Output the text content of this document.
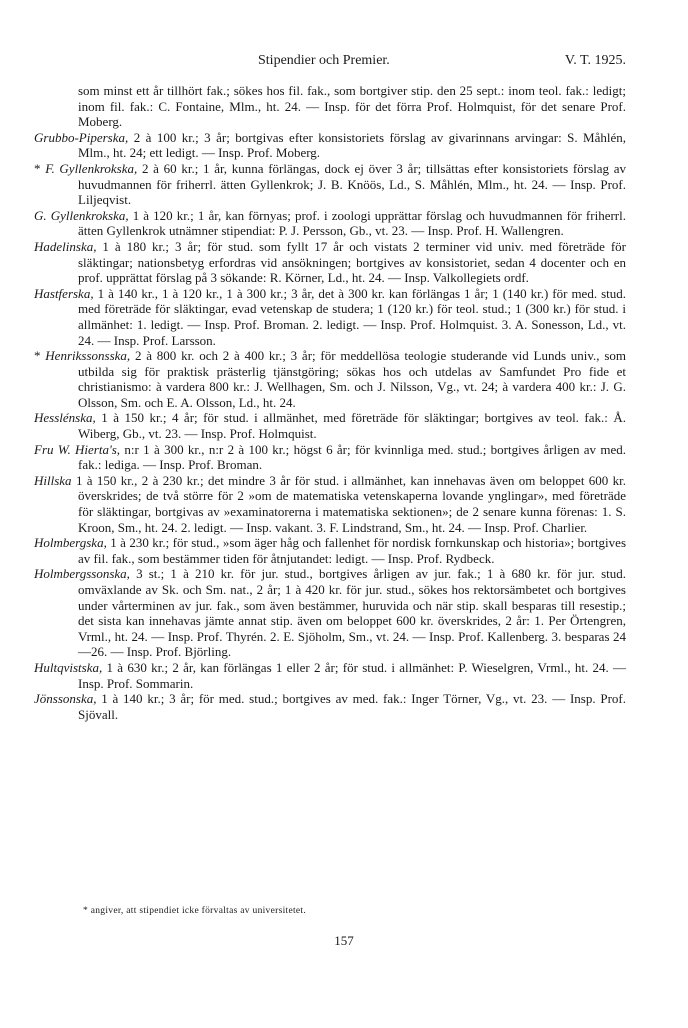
Stipendier och Premier.	V. T. 1925.

som minst ett år tillhört fak.; sökes hos fil. fak., som bortgiver stip. den 25 sept.: inom teol. fak.: ledigt; inom fil. fak.: C. Fontaine, Mlm., ht. 24. — Insp. för det förra Prof. Holmquist, för det senare Prof. Moberg.

Grubbo-Piperska, 2 à 100 kr.; 3 år; bortgivas efter konsistoriets förslag av givarinnans arvingar: S. Måhlén, Mlm., ht. 24; ett ledigt. — Insp. Prof. Moberg.

* F. Gyllenkrokska, 2 à 60 kr.; 1 år, kunna förlängas, dock ej över 3 år; tillsättas efter konsistoriets förslag av huvudmannen för friherrl. ätten Gyllenkrok; J. B. Knöös, Ld., S. Måhlén, Mlm., ht. 24. — Insp. Prof. Liljeqvist.

G. Gyllenkrokska, 1 à 120 kr.; 1 år, kan förnyas; prof. i zoologi upprättar förslag och huvudmannen för friherrl. ätten Gyllenkrok utnämner stipendiat: P. J. Persson, Gb., vt. 23. — Insp. Prof. H. Wallengren.

Hadelinska, 1 à 180 kr.; 3 år; för stud. som fyllt 17 år och vistats 2 terminer vid univ. med företräde för släktingar; nationsbetyg erfordras vid ansökningen; bortgives av konsistoriet, sedan 4 docenter och en prof. upprättat förslag på 3 sökande: R. Körner, Ld., ht. 24. — Insp. Valkollegiets ordf.

Hastferska, 1 à 140 kr., 1 à 120 kr., 1 à 300 kr.; 3 år, det à 300 kr. kan förlängas 1 år; 1 (140 kr.) för med. stud. med företräde för släktingar, evad vetenskap de studera; 1 (120 kr.) för teol. stud.; 1 (300 kr.) för stud. i allmänhet: 1. ledigt. — Insp. Prof. Broman. 2. ledigt. — Insp. Prof. Holmquist. 3. A. Sonesson, Ld., vt. 24. — Insp. Prof. Larsson.

* Henrikssonsska, 2 à 800 kr. och 2 à 400 kr.; 3 år; för meddellösa teologie studerande vid Lunds univ., som utbilda sig för praktisk prästerlig tjänstgöring; sökas hos och utdelas av Samfundet Pro fide et christianismo: à vardera 800 kr.: J. Wellhagen, Sm. och J. Nilsson, Vg., vt. 24; à vardera 400 kr.: J. G. Olsson, Sm. och E. A. Olsson, Ld., ht. 24.

Hesslénska, 1 à 150 kr.; 4 år; för stud. i allmänhet, med företräde för släktingar; bortgives av teol. fak.: Å. Wiberg, Gb., vt. 23. — Insp. Prof. Holmquist.

Fru W. Hierta's, n:r 1 à 300 kr., n:r 2 à 100 kr.; högst 6 år; för kvinnliga med. stud.; bortgives årligen av med. fak.: lediga. — Insp. Prof. Broman.

Hillska 1 à 150 kr., 2 à 230 kr.; det mindre 3 år för stud. i allmänhet, kan innehavas även om beloppet 600 kr. överskrides; de två större för 2 »om de matematiska vetenskaperna lovande ynglingar», med företräde för släktingar, bortgivas av »examinatorerna i matematiska sektionen»; de 2 senare kunna förenas: 1. S. Kroon, Sm., ht. 24. 2. ledigt. — Insp. vakant. 3. F. Lindstrand, Sm., ht. 24. — Insp. Prof. Charlier.

Holmbergska, 1 à 230 kr.; för stud., »som äger håg och fallenhet för nordisk fornkunskap och historia»; bortgives av fil. fak., som bestämmer tiden för åtnjutandet: ledigt. — Insp. Prof. Rydbeck.

Holmbergssonska, 3 st.; 1 à 210 kr. för jur. stud., bortgives årligen av jur. fak.; 1 à 680 kr. för jur. stud. omväxlande av Sk. och Sm. nat., 2 år; 1 à 420 kr. för jur. stud., sökes hos rektorsämbetet och bortgives under vårterminen av jur. fak., som även bestämmer, huruvida och när stip. skall besparas till resestip.; det sista kan innehavas jämte annat stip. även om beloppet 600 kr. överskrides, 2 år: 1. Per Örtengren, Vrml., ht. 24. — Insp. Prof. Thyrén. 2. E. Sjöholm, Sm., vt. 24. — Insp. Prof. Kallenberg. 3. besparas 24—26. — Insp. Prof. Björling.

Hultqvistska, 1 à 630 kr.; 2 år, kan förlängas 1 eller 2 år; för stud. i allmänhet: P. Wieselgren, Vrml., ht. 24. — Insp. Prof. Sommarin.

Jönssonska, 1 à 140 kr.; 3 år; för med. stud.; bortgives av med. fak.: Inger Törner, Vg., vt. 23. — Insp. Prof. Sjövall.

* angiver, att stipendiet icke förvaltas av universitetet.
157
